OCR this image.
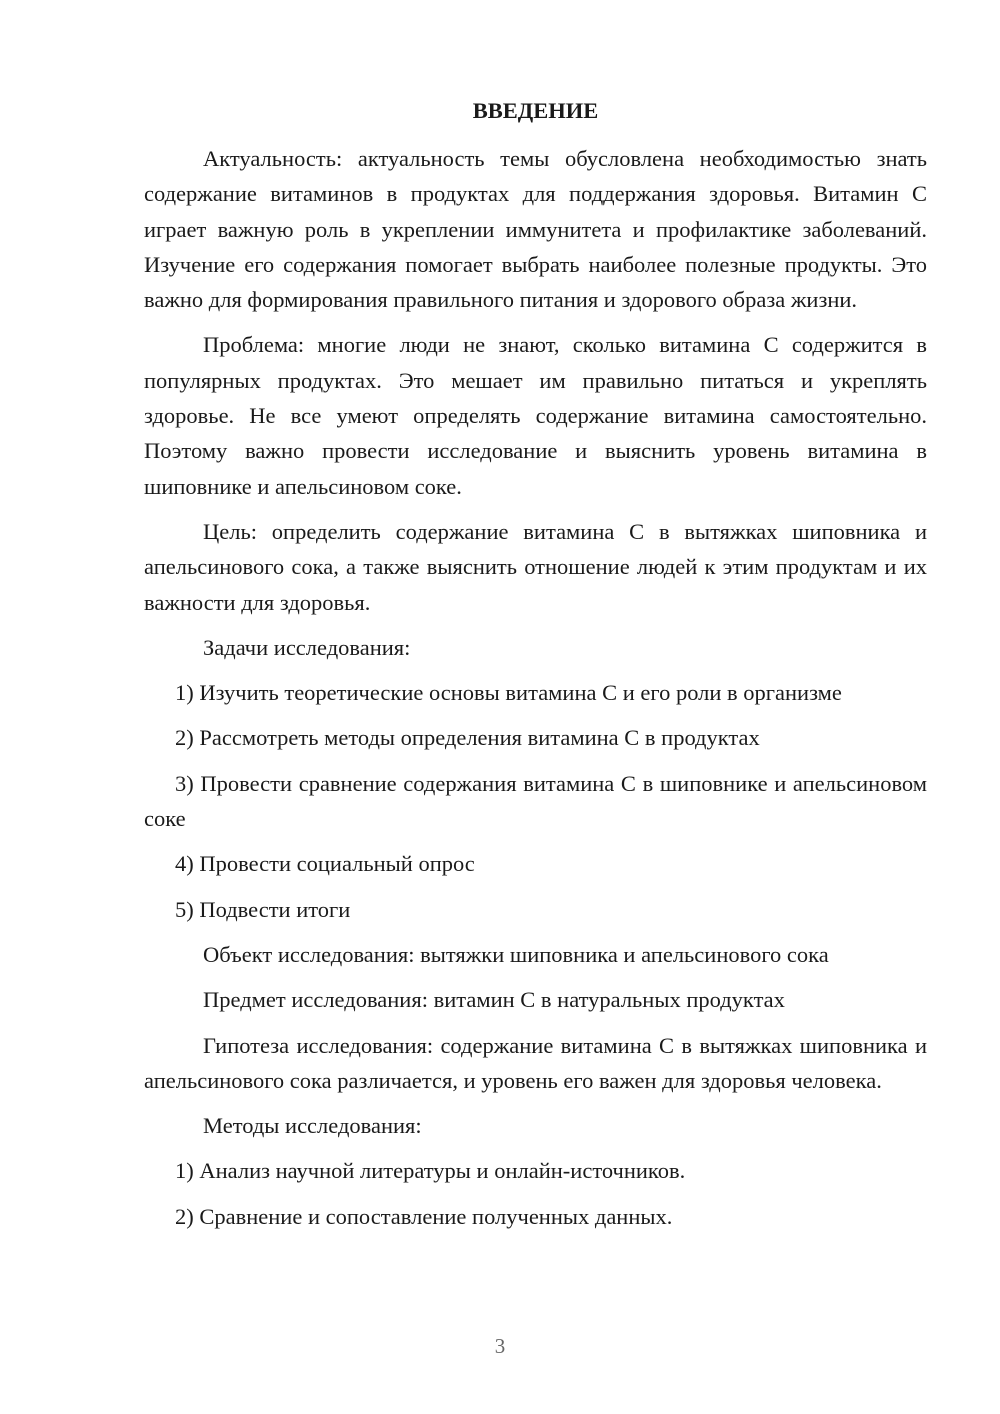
ВВЕДЕНИЕ

Актуальность: актуальность темы обусловлена необходимостью знать содержание витаминов в продуктах для поддержания здоровья. Витамин С играет важную роль в укреплении иммунитета и профилактике заболеваний. Изучение его содержания помогает выбрать наиболее полезные продукты. Это важно для формирования правильного питания и здорового образа жизни.

Проблема: многие люди не знают, сколько витамина С содержится в популярных продуктах. Это мешает им правильно питаться и укреплять здоровье. Не все умеют определять содержание витамина самостоятельно. Поэтому важно провести исследование и выяснить уровень витамина в шиповнике и апельсиновом соке.

Цель: определить содержание витамина С в вытяжках шиповника и апельсинового сока, а также выяснить отношение людей к этим продуктам и их важности для здоровья.

Задачи исследования:

1) Изучить теоретические основы витамина С и его роли в организме

2) Рассмотреть методы определения витамина С в продуктах

3) Провести сравнение содержания витамина С в шиповнике и апельсиновом соке

4) Провести социальный опрос

5) Подвести итоги

Объект исследования: вытяжки шиповника и апельсинового сока

Предмет исследования: витамин С в натуральных продуктах

Гипотеза исследования: содержание витамина С в вытяжках шиповника и апельсинового сока различается, и уровень его важен для здоровья человека.

Методы исследования:

1) Анализ научной литературы и онлайн-источников.

2) Сравнение и сопоставление полученных данных.

3
